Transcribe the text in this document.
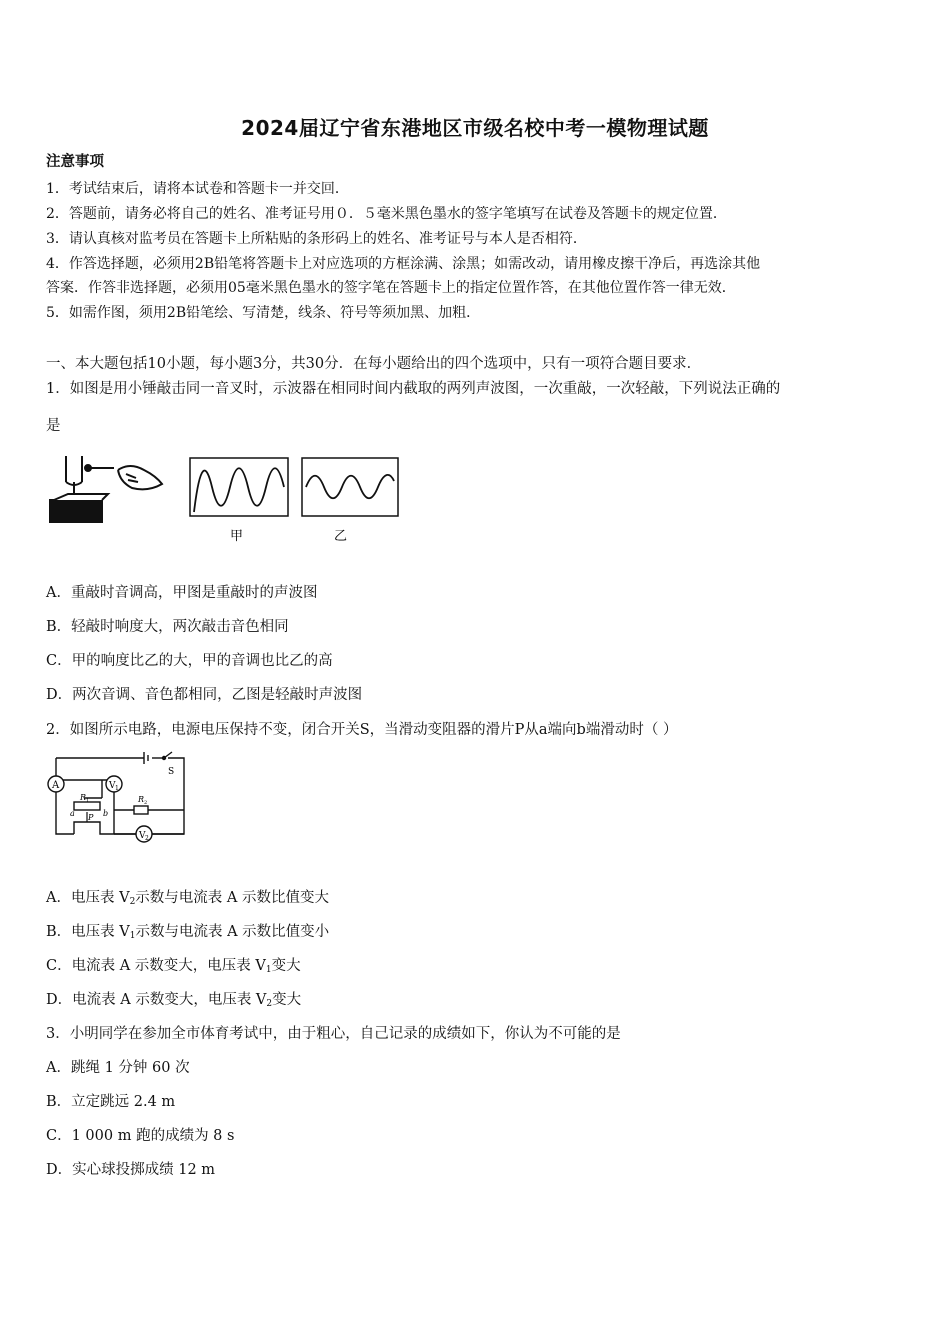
2024届辽宁省东港地区市级名校中考一模物理试题
注意事项
1．考试结束后，请将本试卷和答题卡一并交回．
2．答题前，请务必将自己的姓名、准考证号用０．５毫米黑色墨水的签字笔填写在试卷及答题卡的规定位置．
3．请认真核对监考员在答题卡上所粘贴的条形码上的姓名、准考证号与本人是否相符．
4．作答选择题，必须用2B铅笔将答题卡上对应选项的方框涂满、涂黑；如需改动，请用橡皮擦干净后，再选涂其他
答案．作答非选择题，必须用05毫米黑色墨水的签字笔在答题卡上的指定位置作答，在其他位置作答一律无效．
5．如需作图，须用2B铅笔绘、写清楚，线条、符号等须加黑、加粗．
一、本大题包括10小题，每小题3分，共30分．在每小题给出的四个选项中，只有一项符合题目要求．
1．如图是用小锤敲击同一音叉时，示波器在相同时间内截取的两列声波图，一次重敲，一次轻敲，下列说法正确的
是
甲	乙
A．重敲时音调高，甲图是重敲时的声波图
B．轻敲时响度大，两次敲击音色相同
C．甲的响度比乙的大，甲的音调也比乙的高
D．两次音调、音色都相同，乙图是轻敲时声波图
2．如图所示电路，电源电压保持不变，闭合开关S，当滑动变阻器的滑片P从a端向b端滑动时（ ）
A	V 1
R 1
a P b
R 2
V 2
S
A．电压表 $V_2$示数与电流表 A 示数比值变大
B．电压表 $V_1$示数与电流表 A 示数比值变小
C．电流表 A 示数变大，电压表 $V_1$变大
D．电流表 A 示数变大，电压表 $V_2$变大
3．小明同学在参加全市体育考试中，由于粗心，自己记录的成绩如下，你认为不可能的是
A．跳绳 1 分钟 60 次
B．立定跳远 2.4 m
C．1 000 m 跑的成绩为 8 s
D．实心球投掷成绩 12 m
